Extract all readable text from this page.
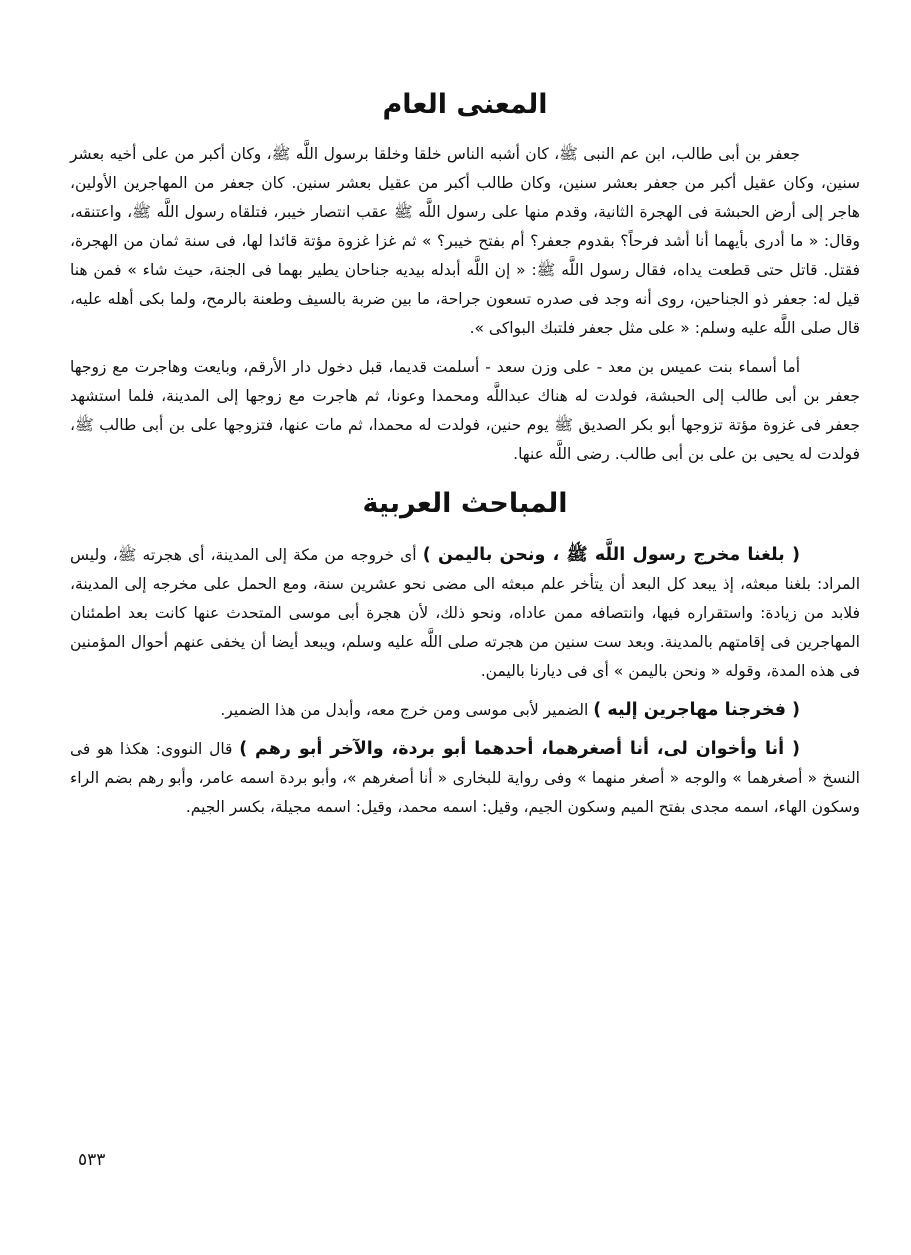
المعنى العام

جعفر بن أبى طالب، ابن عم النبى ﷺ، كان أشبه الناس خلقا وخلقا برسول اللَّه ﷺ، وكان أكبر من على أخيه بعشر سنين، وكان عقيل أكبر من جعفر بعشر سنين، وكان طالب أكبر من عقيل بعشر سنين. كان جعفر من المهاجرين الأولين، هاجر إلى أرض الحبشة فى الهجرة الثانية، وقدم منها على رسول اللَّه ﷺ عقب انتصار خيبر، فتلقاه رسول اللَّه ﷺ، واعتنقه، وقال: « ما أدرى بأيهما أنا أشد فرحاً؟ بقدوم جعفر؟ أم بفتح خيبر؟ » ثم غزا غزوة مؤتة قائدا لها، فى سنة ثمان من الهجرة، فقتل. قاتل حتى قطعت يداه، فقال رسول اللَّه ﷺ: « إن اللَّه أبدله بيديه جناحان يطير بهما فى الجنة، حيث شاء » فمن هنا قيل له: جعفر ذو الجناحين، روى أنه وجد فى صدره تسعون جراحة، ما بين ضربة بالسيف وطعنة بالرمح، ولما بكى أهله عليه، قال صلى اللَّه عليه وسلم: « على مثل جعفر فلتبك البواكى ».

أما أسماء بنت عميس بن معد - على وزن سعد - أسلمت قديما، قبل دخول دار الأرقم، وبايعت وهاجرت مع زوجها جعفر بن أبى طالب إلى الحبشة، فولدت له هناك عبداللَّه ومحمدا وعونا، ثم هاجرت مع زوجها إلى المدينة، فلما استشهد جعفر فى غزوة مؤتة تزوجها أبو بكر الصديق ﷺ يوم حنين، فولدت له محمدا، ثم مات عنها، فتزوجها على بن أبى طالب ﷺ، فولدت له يحيى بن على بن أبى طالب. رضى اللَّه عنها.

المباحث العربية

( بلغنا مخرج رسول اللَّه ﷺ ، ونحن باليمن ) أى خروجه من مكة إلى المدينة، أى هجرته ﷺ، وليس المراد: بلغنا مبعثه، إذ يبعد كل البعد أن يتأخر علم مبعثه الى مضى نحو عشرين سنة، ومع الحمل على مخرجه إلى المدينة، فلابد من زيادة: واستقراره فيها، وانتصافه ممن عاداه، ونحو ذلك، لأن هجرة أبى موسى المتحدث عنها كانت بعد اطمئنان المهاجرين فى إقامتهم بالمدينة. وبعد ست سنين من هجرته صلى اللَّه عليه وسلم، ويبعد أيضا أن يخفى عنهم أحوال المؤمنين فى هذه المدة، وقوله « ونحن باليمن » أى فى ديارنا باليمن.

( فخرجنا مهاجرين إليه ) الضمير لأبى موسى ومن خرج معه، وأبدل من هذا الضمير.

( أنا وأخوان لى، أنا أصغرهما، أحدهما أبو بردة، والآخر أبو رهم ) قال النووى: هكذا هو فى النسخ « أصغرهما » والوجه « أصغر منهما » وفى رواية للبخارى « أنا أصغرهم »، وأبو بردة اسمه عامر، وأبو رهم بضم الراء وسكون الهاء، اسمه مجدى بفتح الميم وسكون الجيم، وقيل: اسمه محمد، وقيل: اسمه مجيلة، بكسر الجيم.

٥٣٣
